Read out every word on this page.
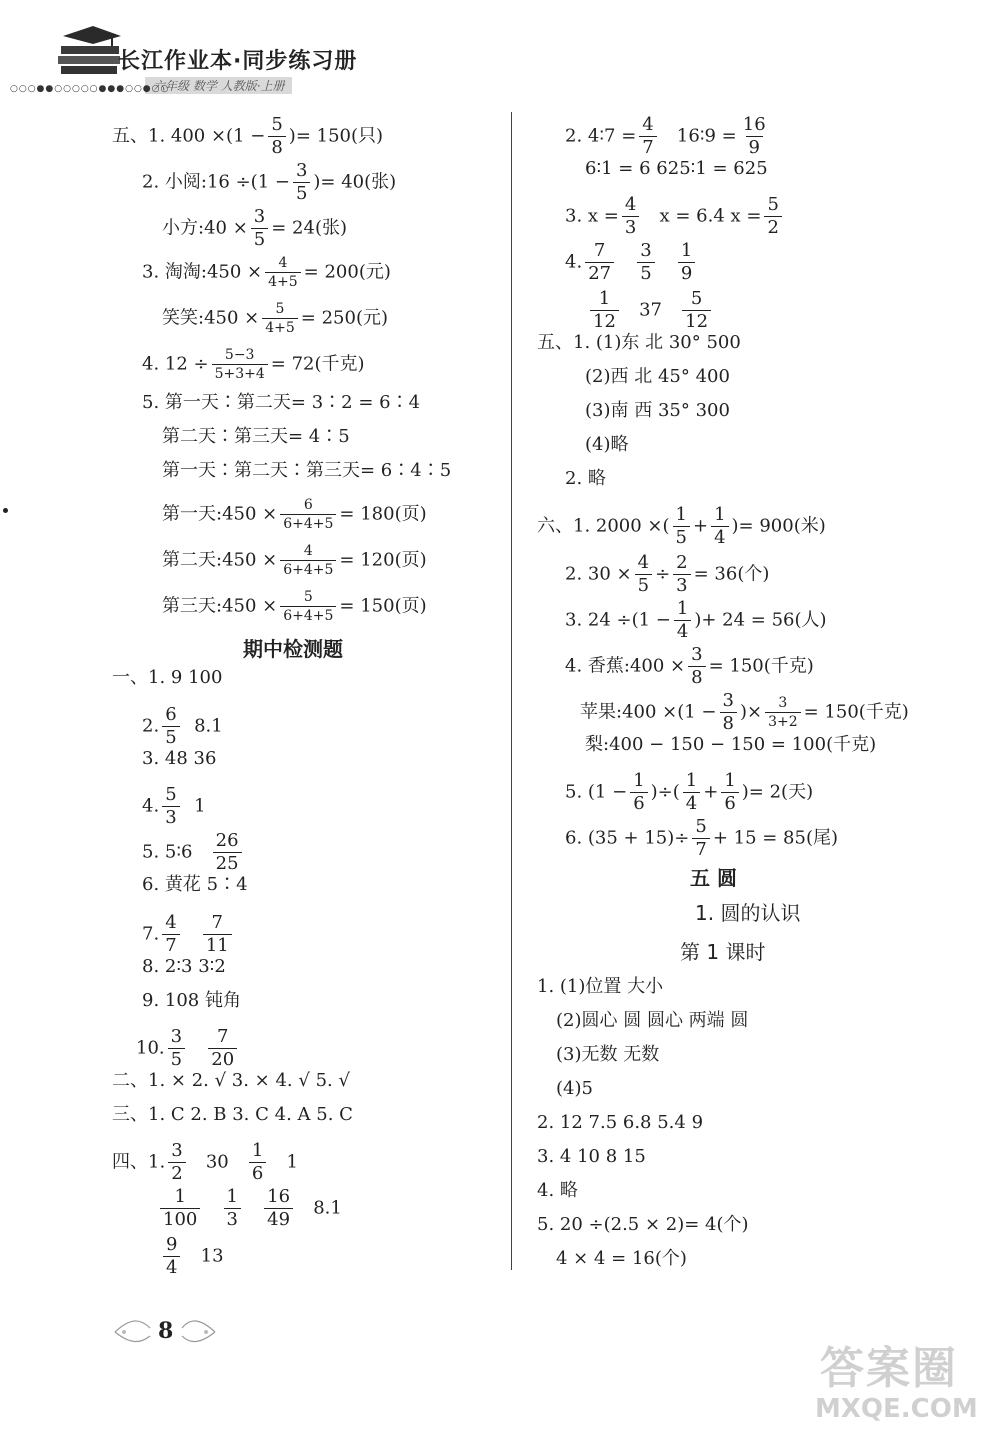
长江作业本·同步练习册
六年级 数学 人教版·上册
○○○●●○○○○○●●●○○●○○
五、1. $400 \times(1 - \frac{5}{8}$ )= 150(只)
2. 小阅:16 $\div(1 - \frac{3}{5}$ )= 40(张)
小方:40 × $\frac{3}{5} = 24$(张)
3. 淘淘:450 × $\frac{4}{4+5} = 200$(元)
笑笑:450 × $\frac{5}{4+5} = 250$(元)
4. $12 \div \frac{5-3}{5+3+4} = 72$(千克)
5. 第一天∶第二天= 3∶2 = 6∶4
第二天∶第三天= 4∶5
第一天∶第二天∶第三天= 6∶4∶5
第一天:450 × $\frac{6}{6+4+5} = 180$(页)
第二天:450 × $\frac{4}{6+4+5} = 120$(页)
第三天:450 × $\frac{5}{6+4+5} = 150$(页)
期中检测题
一、1. 9 100
2. $\frac{6}{5} 8.1$
3. 48 36
4. $\frac{5}{3} 1$
5. 5∶6 $\frac{26}{25}$
6. 黄花 5∶4
7. $\frac{4}{7}$
$\frac{7}{11}$
8. 2∶3 3∶2
9. 108 钝角
10. $\frac{3}{5}$
$\frac{7}{20}$
二、1. × 2. √ 3. × 4. √ 5. √
三、1. C 2. B 3. C 4. A 5. C
四、1. $\frac{3}{2} 30 \frac{1}{6} 1$
$\frac{1}{100}$
$\frac{1}{3}$
$\frac{16}{49} 8.1$
$\frac{9}{4} 13$
2. 4∶7 = $\frac{4}{7}$ 16∶9 = $\frac{16}{9}$
6∶1 = 6 625∶1 = 625
3. $x = \frac{4}{3}$ x = 6.4 $x = \frac{5}{2}$
4. $\frac{7}{27}$
$\frac{3}{5}$
$\frac{1}{9}$
$\frac{1}{12} 37 \frac{5}{12}$
五、1. (1)东 北 30° 500
(2)西 北 45° 400
(3)南 西 35° 300
(4)略
2. 略
六、1. 2000 ×( $\frac{1}{5} + \frac{1}{4}$ )= 900(米)
2. $30 \times \frac{4}{5} \div \frac{2}{3} = 36$(个)
3. $24 \div(1 - \frac{1}{4}$ )+ 24 = 56(人)
4. 香蕉:400 × $\frac{3}{8} = 150$(千克)
苹果:400 $\times(1 - \frac{3}{8}$ )× $\frac{3}{3+2} = 150$(千克)
梨:400 − 150 − 150 = 100(千克)
5. ($1 - \frac{1}{6}$ )÷( $\frac{1}{4} + \frac{1}{6}$ )= 2(天)
6. $(35 + 15)\div \frac{5}{7} + 15 = 85$(尾)
五 圆
1. 圆的认识
第 1 课时
1. (1)位置 大小
(2)圆心 圆 圆心 两端 圆
(3)无数 无数
(4)5
2. 12 7.5 6.8 5.4 9
3. 4 10 8 15
4. 略
5. 20 ÷(2.5 × 2)= 4(个)
4 × 4 = 16(个)
8
答案圈
MXQE.COM
